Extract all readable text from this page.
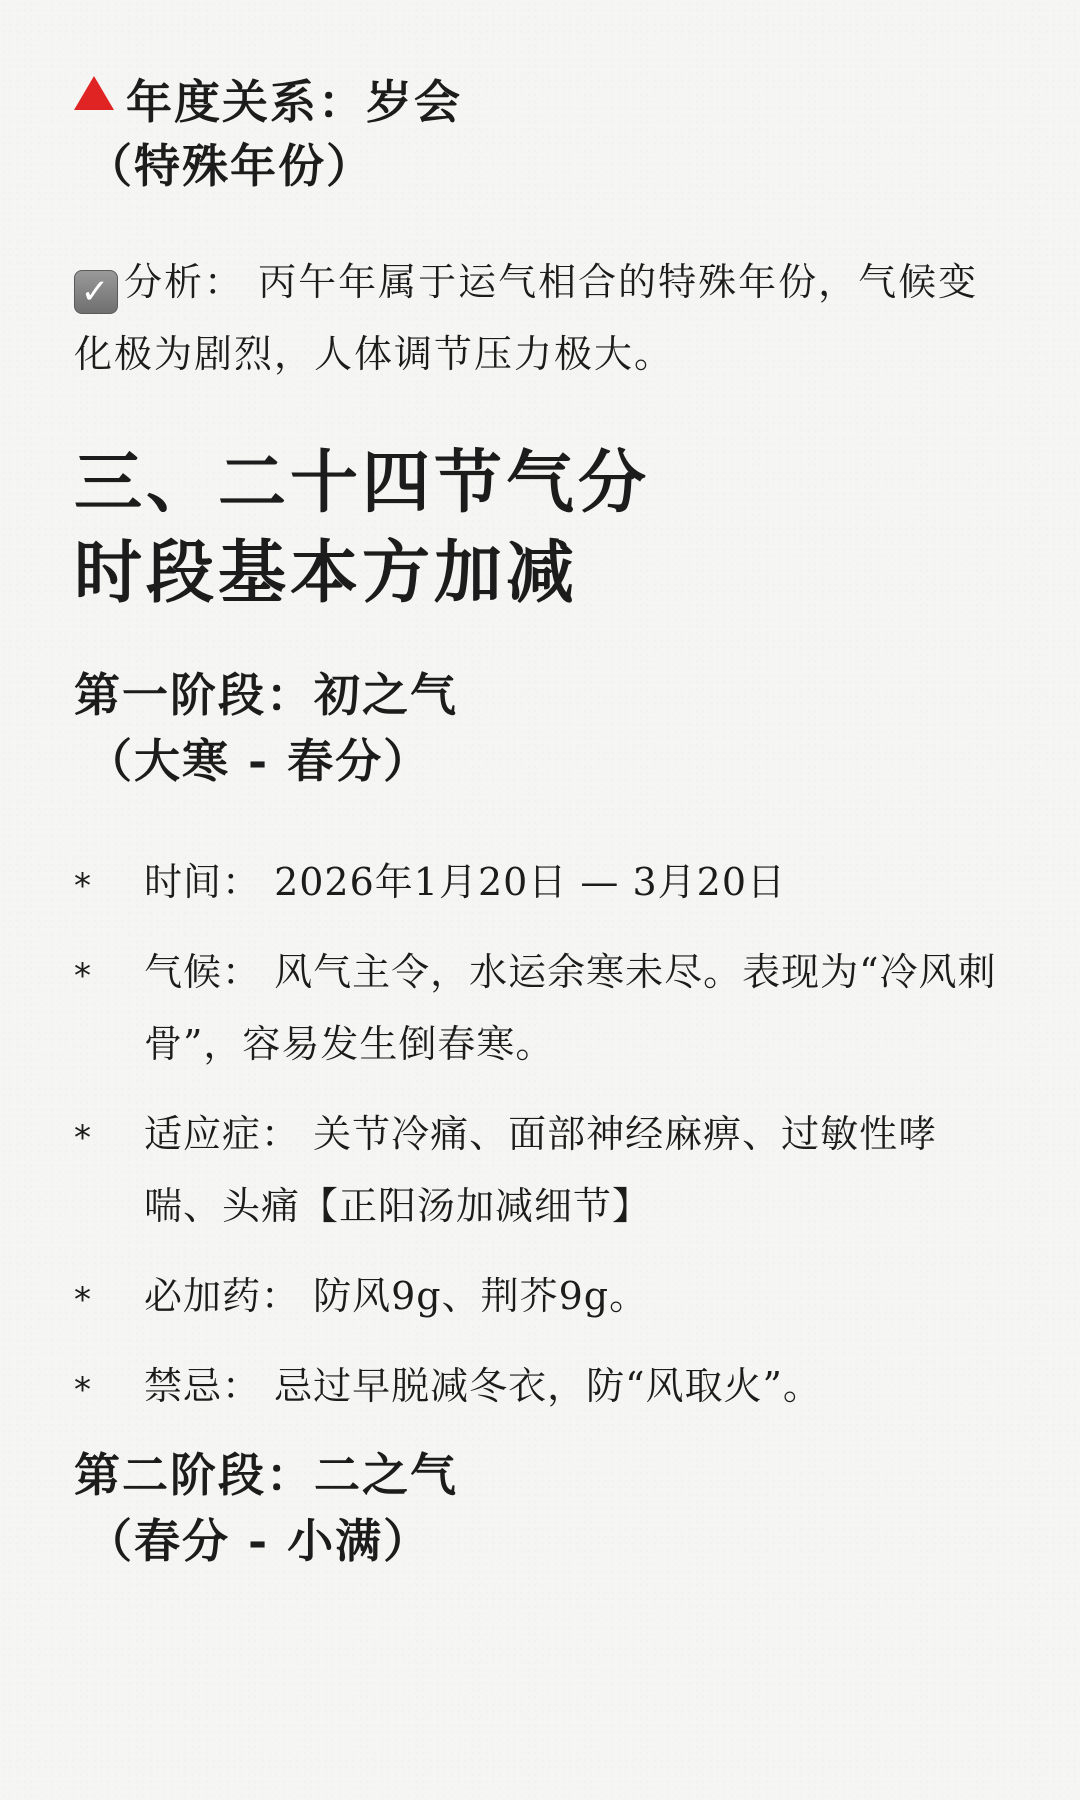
年度关系：岁会
（特殊年份）
✓ 分析： 丙午年属于运气相合的特殊年份，气候变化极为剧烈，人体调节压力极大。
三、二十四节气分
时段基本方加减
第一阶段：初之气
（大寒 - 春分）
* 时间： 2026年1月20日 — 3月20日
* 气候： 风气主令，水运余寒未尽。表现为“冷风刺骨”，容易发生倒春寒。
* 适应症： 关节冷痛、面部神经麻痹、过敏性哮喘、头痛【正阳汤加减细节】
* 必加药： 防风9g、荆芥9g。
* 禁忌： 忌过早脱减冬衣，防“风取火”。
第二阶段：二之气
（春分 - 小满）
